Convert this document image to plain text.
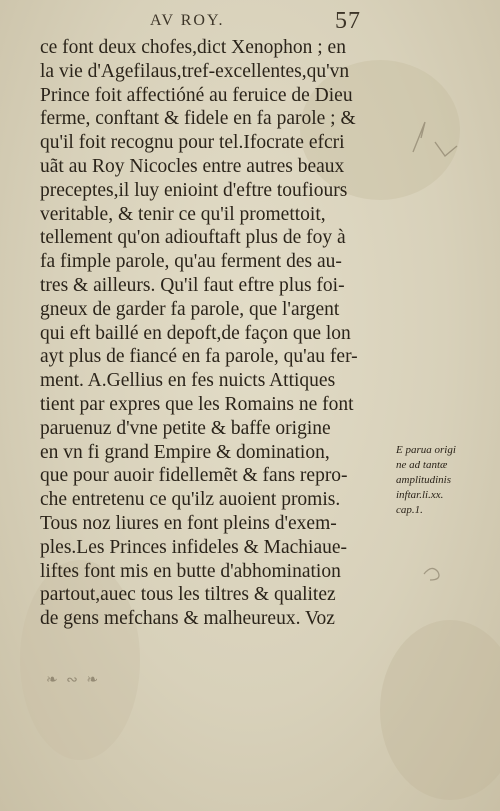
AV ROY.	57
ce font deux chofes,dict Xenophon ; en
la vie d'Agefilaus,tref-excellentes,qu'vn
Prince foit affectióné au feruice de Dieu
ferme, conftant & fidele en fa parole ; &
qu'il foit recognu pour tel.Ifocrate efcri
uãt au Roy Nicocles entre autres beaux
preceptes,il luy enioint d'eftre toufiours
veritable, & tenir ce qu'il promettoit,
tellement qu'on adiouftaft plus de foy à
fa fimple parole, qu'au ferment des au-
tres & ailleurs. Qu'il faut eftre plus foi-
gneux de garder fa parole, que l'argent
qui eft baillé en depoft,de façon que lon
ayt plus de fiancé en fa parole, qu'au fer-
ment. A.Gellius en fes nuicts Attiques
tient par expres que les Romains ne font
paruenuz d'vne petite & baffe origine
en vn fi grand Empire & domination,
que pour auoir fidellemẽt & fans repro-
che entretenu ce qu'ilz auoient promis.
Tous noz liures en font pleins d'exem-
ples.Les Princes infideles & Machiaue-
liftes font mis en butte d'abhomination
partout,auec tous les tiltres & qualitez
de gens mefchans & malheureux. Voz
E parua origi
ne ad tantæ
amplitudinis
inftar.li.xx.
cap.1.
❧ ∾ ❧
